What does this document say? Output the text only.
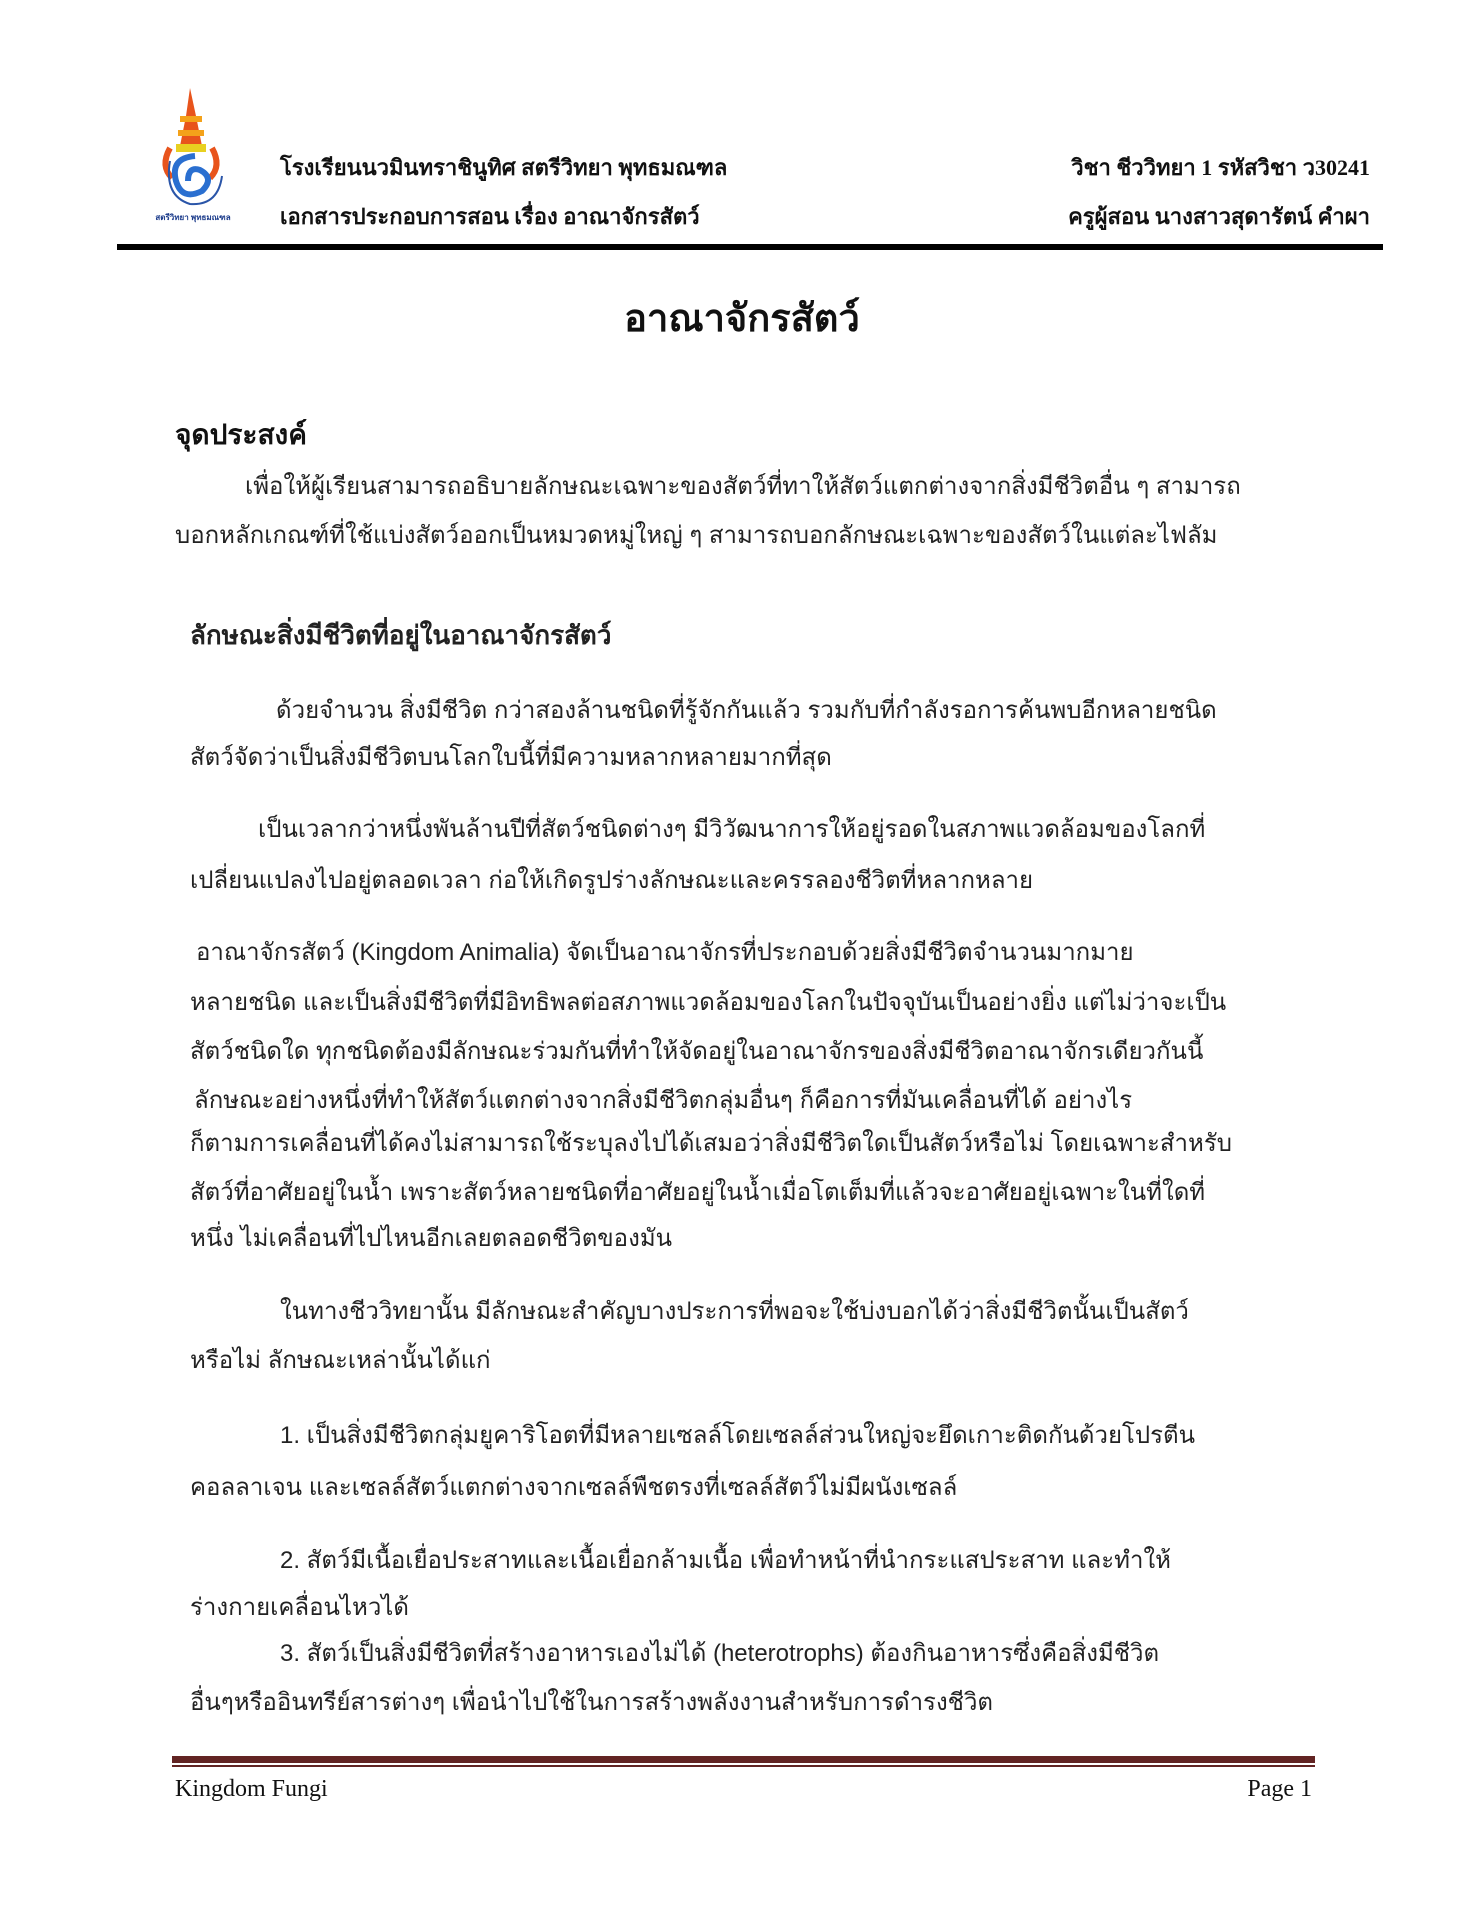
สตรีวิทยา พุทธมณฑล
โรงเรียนนวมินทราชินูทิศ สตรีวิทยา พุทธมณฑล
เอกสารประกอบการสอน เรื่อง อาณาจักรสัตว์
วิชา ชีววิทยา 1 รหัสวิชา ว30241
ครูผู้สอน นางสาวสุดารัตน์ คำผา
อาณาจักรสัตว์
จุดประสงค์
เพื่อให้ผู้เรียนสามารถอธิบายลักษณะเฉพาะของสัตว์ที่ทาให้สัตว์แตกต่างจากสิ่งมีชีวิตอื่น ๆ สามารถ
บอกหลักเกณฑ์ที่ใช้แบ่งสัตว์ออกเป็นหมวดหมู่ใหญ่ ๆ สามารถบอกลักษณะเฉพาะของสัตว์ในแต่ละไฟลัม
ลักษณะสิ่งมีชีวิตที่อยู่ในอาณาจักรสัตว์
ด้วยจำนวน สิ่งมีชีวิต กว่าสองล้านชนิดที่รู้จักกันแล้ว รวมกับที่กำลังรอการค้นพบอีกหลายชนิด
สัตว์จัดว่าเป็นสิ่งมีชีวิตบนโลกใบนี้ที่มีความหลากหลายมากที่สุด
เป็นเวลากว่าหนึ่งพันล้านปีที่สัตว์ชนิดต่างๆ มีวิวัฒนาการให้อยู่รอดในสภาพแวดล้อมของโลกที่
เปลี่ยนแปลงไปอยู่ตลอดเวลา ก่อให้เกิดรูปร่างลักษณะและครรลองชีวิตที่หลากหลาย
อาณาจักรสัตว์ (Kingdom Animalia) จัดเป็นอาณาจักรที่ประกอบด้วยสิ่งมีชีวิตจำนวนมากมาย
หลายชนิด และเป็นสิ่งมีชีวิตที่มีอิทธิพลต่อสภาพแวดล้อมของโลกในปัจจุบันเป็นอย่างยิ่ง แต่ไม่ว่าจะเป็น
สัตว์ชนิดใด ทุกชนิดต้องมีลักษณะร่วมกันที่ทำให้จัดอยู่ในอาณาจักรของสิ่งมีชีวิตอาณาจักรเดียวกันนี้
ลักษณะอย่างหนึ่งที่ทำให้สัตว์แตกต่างจากสิ่งมีชีวิตกลุ่มอื่นๆ ก็คือการที่มันเคลื่อนที่ได้ อย่างไร
ก็ตามการเคลื่อนที่ได้คงไม่สามารถใช้ระบุลงไปได้เสมอว่าสิ่งมีชีวิตใดเป็นสัตว์หรือไม่ โดยเฉพาะสำหรับ
สัตว์ที่อาศัยอยู่ในน้ำ เพราะสัตว์หลายชนิดที่อาศัยอยู่ในน้ำเมื่อโตเต็มที่แล้วจะอาศัยอยู่เฉพาะในที่ใดที่
หนึ่ง ไม่เคลื่อนที่ไปไหนอีกเลยตลอดชีวิตของมัน
ในทางชีววิทยานั้น มีลักษณะสำคัญบางประการที่พอจะใช้บ่งบอกได้ว่าสิ่งมีชีวิตนั้นเป็นสัตว์
หรือไม่ ลักษณะเหล่านั้นได้แก่
1. เป็นสิ่งมีชีวิตกลุ่มยูคาริโอตที่มีหลายเซลล์โดยเซลล์ส่วนใหญ่จะยึดเกาะติดกันด้วยโปรตีน
คอลลาเจน และเซลล์สัตว์แตกต่างจากเซลล์พืชตรงที่เซลล์สัตว์ไม่มีผนังเซลล์
2. สัตว์มีเนื้อเยื่อประสาทและเนื้อเยื่อกล้ามเนื้อ เพื่อทำหน้าที่นำกระแสประสาท และทำให้
ร่างกายเคลื่อนไหวได้
3. สัตว์เป็นสิ่งมีชีวิตที่สร้างอาหารเองไม่ได้ (heterotrophs) ต้องกินอาหารซึ่งคือสิ่งมีชีวิต
อื่นๆหรืออินทรีย์สารต่างๆ เพื่อนำไปใช้ในการสร้างพลังงานสำหรับการดำรงชีวิต
Kingdom Fungi	Page 1
